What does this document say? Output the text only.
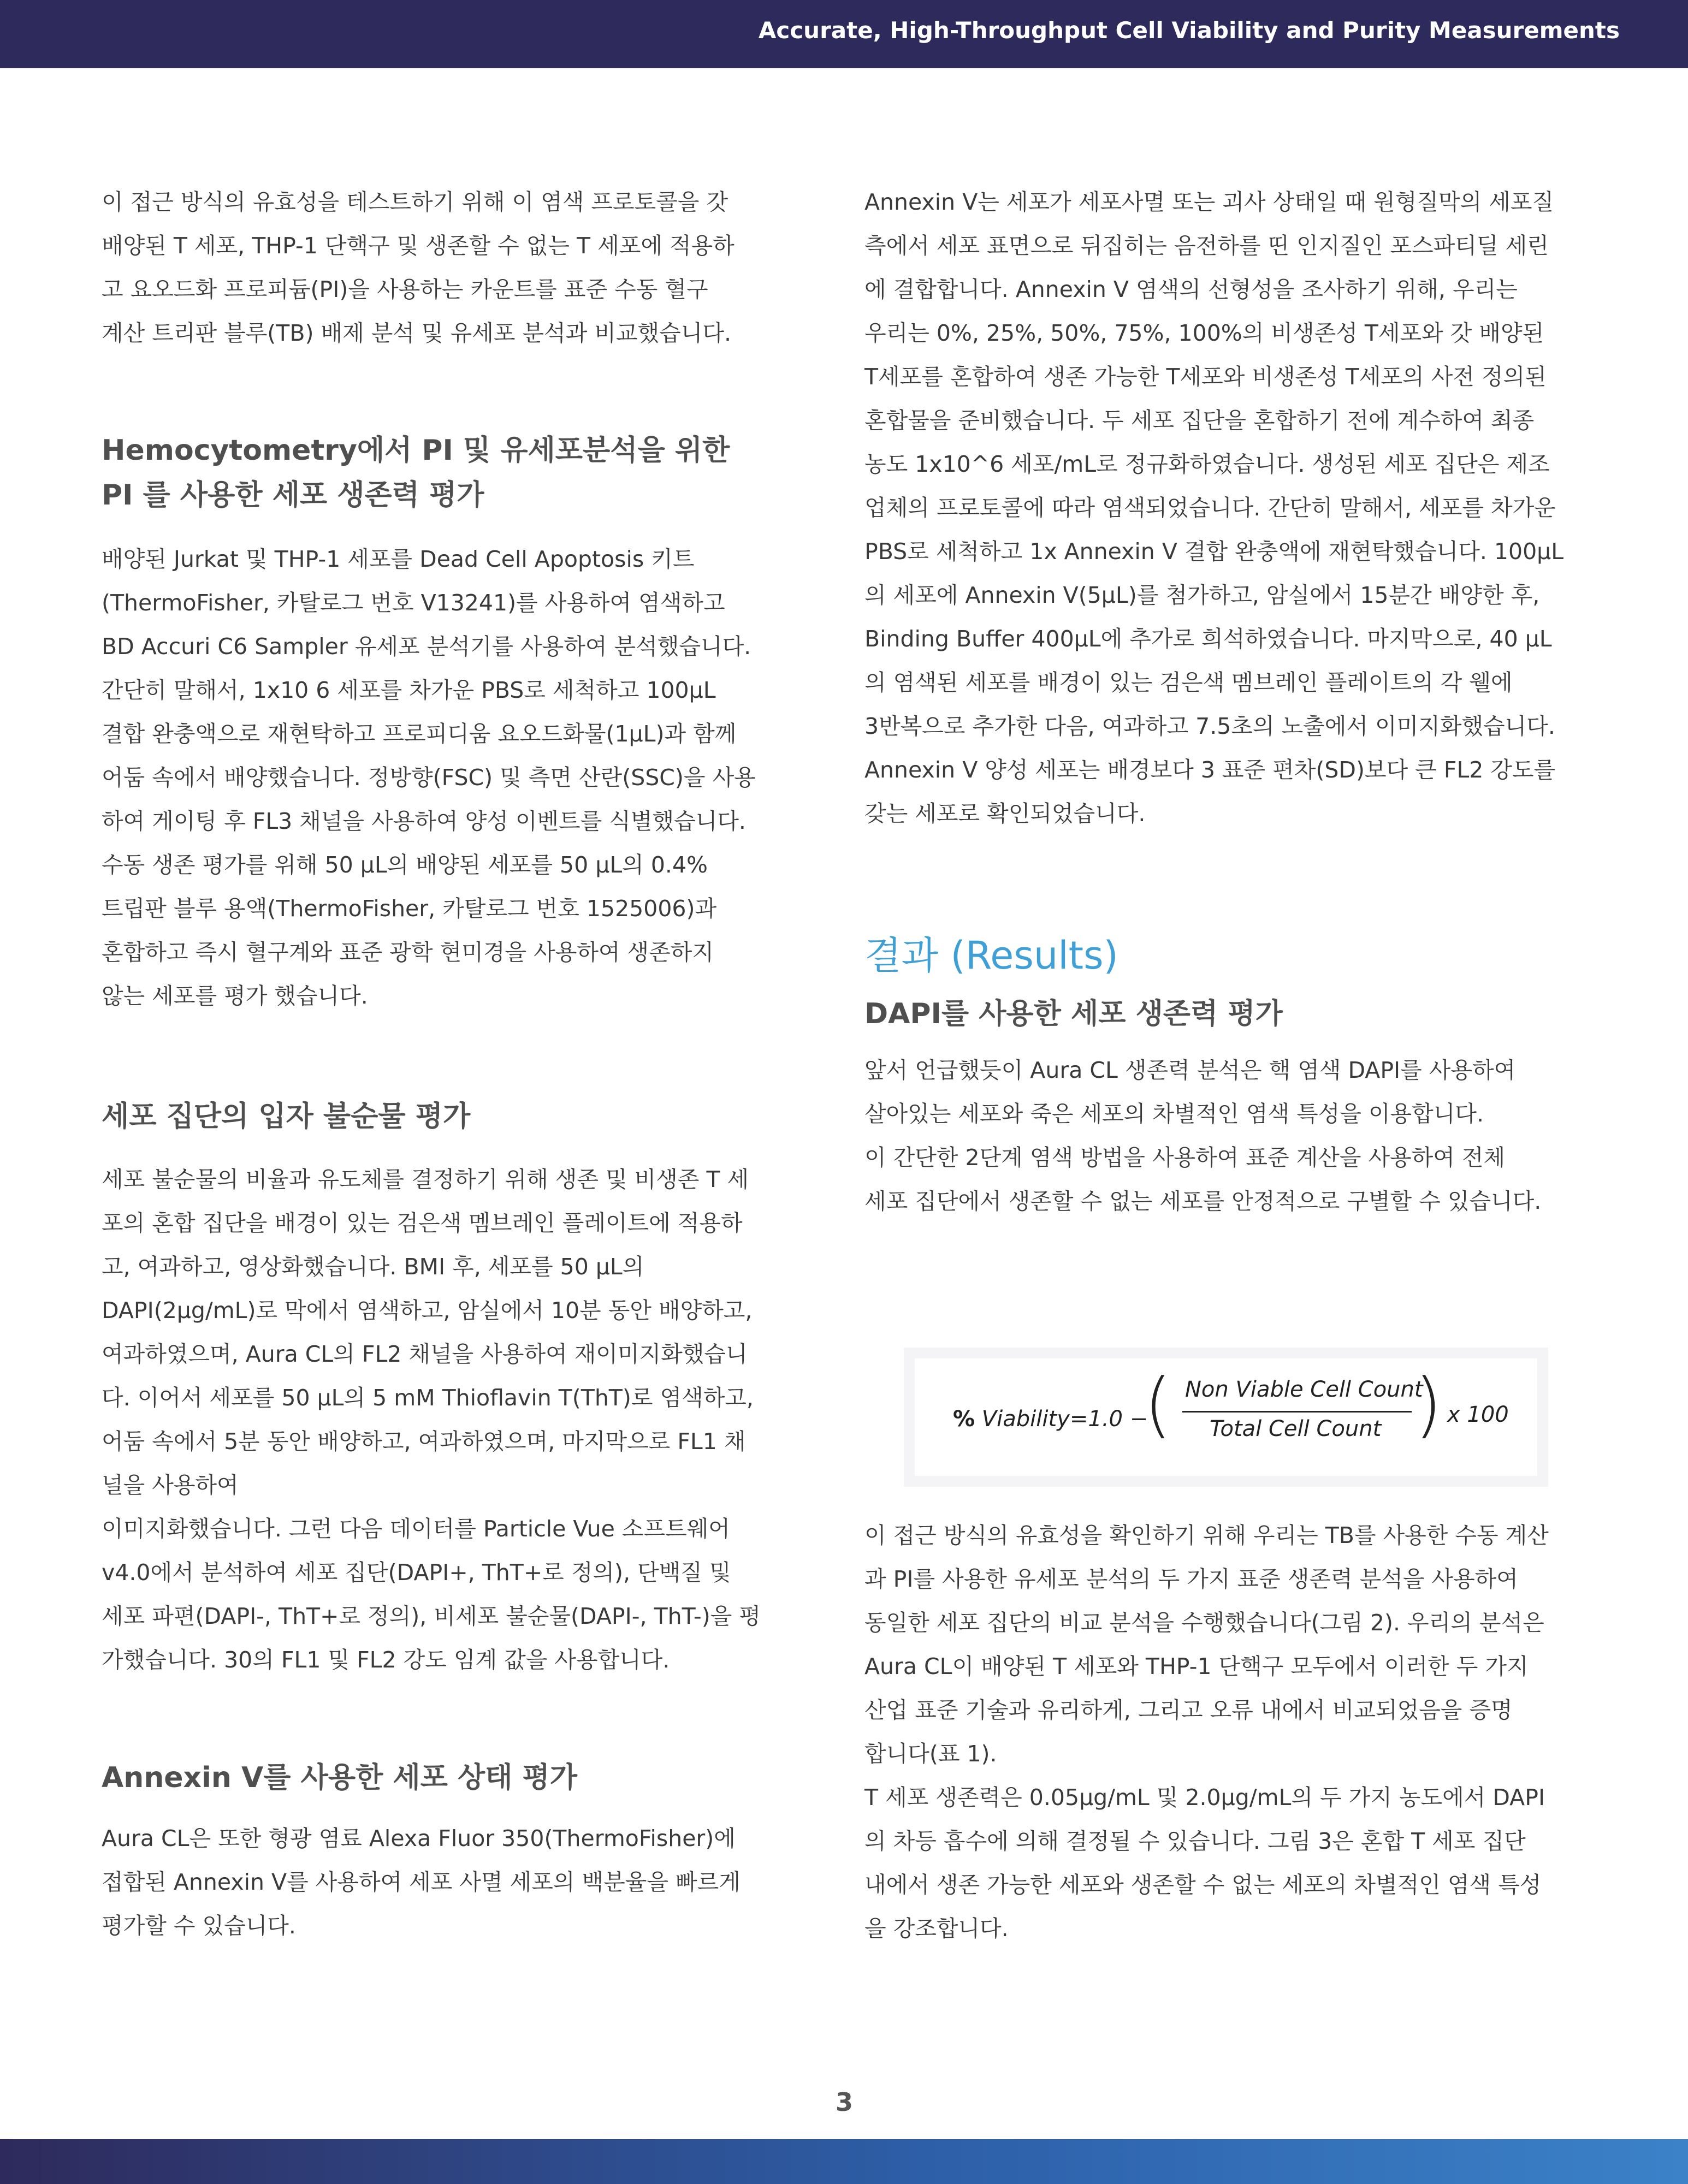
Accurate, High-Throughput Cell Viability and Purity Measurements
이 접근 방식의 유효성을 테스트하기 위해 이 염색 프로토콜을 갓
배양된 T 세포, THP-1 단핵구 및 생존할 수 없는 T 세포에 적용하
고 요오드화 프로피듐(PI)을 사용하는 카운트를 표준 수동 혈구
계산 트리판 블루(TB) 배제 분석 및 유세포 분석과 비교했습니다.
Hemocytometry에서 PI 및 유세포분석을 위한
PI 를 사용한 세포 생존력 평가
배양된 Jurkat 및 THP-1 세포를 Dead Cell Apoptosis 키트
(ThermoFisher, 카탈로그 번호 V13241)를 사용하여 염색하고
BD Accuri C6 Sampler 유세포 분석기를 사용하여 분석했습니다.
간단히 말해서, 1x10 6 세포를 차가운 PBS로 세척하고 100μL
결합 완충액으로 재현탁하고 프로피디움 요오드화물(1μL)과 함께
어둠 속에서 배양했습니다. 정방향(FSC) 및 측면 산란(SSC)을 사용
하여 게이팅 후 FL3 채널을 사용하여 양성 이벤트를 식별했습니다.
수동 생존 평가를 위해 50 μL의 배양된 세포를 50 μL의 0.4%
트립판 블루 용액(ThermoFisher, 카탈로그 번호 1525006)과
혼합하고 즉시 혈구계와 표준 광학 현미경을 사용하여 생존하지
않는 세포를 평가 했습니다.
세포 집단의 입자 불순물 평가
세포 불순물의 비율과 유도체를 결정하기 위해 생존 및 비생존 T 세
포의 혼합 집단을 배경이 있는 검은색 멤브레인 플레이트에 적용하
고, 여과하고, 영상화했습니다. BMI 후, 세포를 50 μL의
DAPI(2μg/mL)로 막에서 염색하고, 암실에서 10분 동안 배양하고,
여과하였으며, Aura CL의 FL2 채널을 사용하여 재이미지화했습니
다. 이어서 세포를 50 μL의 5 mM Thioflavin T(ThT)로 염색하고,
어둠 속에서 5분 동안 배양하고, 여과하였으며, 마지막으로 FL1 채
널을 사용하여
이미지화했습니다. 그런 다음 데이터를 Particle Vue 소프트웨어
v4.0에서 분석하여 세포 집단(DAPI+, ThT+로 정의), 단백질 및
세포 파편(DAPI-, ThT+로 정의), 비세포 불순물(DAPI-, ThT-)을 평
가했습니다. 30의 FL1 및 FL2 강도 임계 값을 사용합니다.
Annexin V를 사용한 세포 상태 평가
Aura CL은 또한 형광 염료 Alexa Fluor 350(ThermoFisher)에
접합된 Annexin V를 사용하여 세포 사멸 세포의 백분율을 빠르게
평가할 수 있습니다.
Annexin V는 세포가 세포사멸 또는 괴사 상태일 때 원형질막의 세포질
측에서 세포 표면으로 뒤집히는 음전하를 띤 인지질인 포스파티딜 세린
에 결합합니다. Annexin V 염색의 선형성을 조사하기 위해, 우리는
우리는 0%, 25%, 50%, 75%, 100%의 비생존성 T세포와 갓 배양된
T세포를 혼합하여 생존 가능한 T세포와 비생존성 T세포의 사전 정의된
혼합물을 준비했습니다. 두 세포 집단을 혼합하기 전에 계수하여 최종
농도 1x10^6 세포/mL로 정규화하였습니다. 생성된 세포 집단은 제조
업체의 프로토콜에 따라 염색되었습니다. 간단히 말해서, 세포를 차가운
PBS로 세척하고 1x Annexin V 결합 완충액에 재현탁했습니다. 100μL
의 세포에 Annexin V(5μL)를 첨가하고, 암실에서 15분간 배양한 후,
Binding Buffer 400μL에 추가로 희석하였습니다. 마지막으로, 40 μL
의 염색된 세포를 배경이 있는 검은색 멤브레인 플레이트의 각 웰에
3반복으로 추가한 다음, 여과하고 7.5초의 노출에서 이미지화했습니다.
Annexin V 양성 세포는 배경보다 3 표준 편차(SD)보다 큰 FL2 강도를
갖는 세포로 확인되었습니다.
결과 (Results)
DAPI를 사용한 세포 생존력 평가
앞서 언급했듯이 Aura CL 생존력 분석은 핵 염색 DAPI를 사용하여
살아있는 세포와 죽은 세포의 차별적인 염색 특성을 이용합니다.
이 간단한 2단계 염색 방법을 사용하여 표준 계산을 사용하여 전체
세포 집단에서 생존할 수 없는 세포를 안정적으로 구별할 수 있습니다.
% Viability=1.0 −
( Non Viable Cell Count
Total Cell Count ) x 100
이 접근 방식의 유효성을 확인하기 위해 우리는 TB를 사용한 수동 계산
과 PI를 사용한 유세포 분석의 두 가지 표준 생존력 분석을 사용하여
동일한 세포 집단의 비교 분석을 수행했습니다(그림 2). 우리의 분석은
Aura CL이 배양된 T 세포와 THP-1 단핵구 모두에서 이러한 두 가지
산업 표준 기술과 유리하게, 그리고 오류 내에서 비교되었음을 증명
합니다(표 1).
T 세포 생존력은 0.05μg/mL 및 2.0μg/mL의 두 가지 농도에서 DAPI
의 차등 흡수에 의해 결정될 수 있습니다. 그림 3은 혼합 T 세포 집단
내에서 생존 가능한 세포와 생존할 수 없는 세포의 차별적인 염색 특성
을 강조합니다.
3
